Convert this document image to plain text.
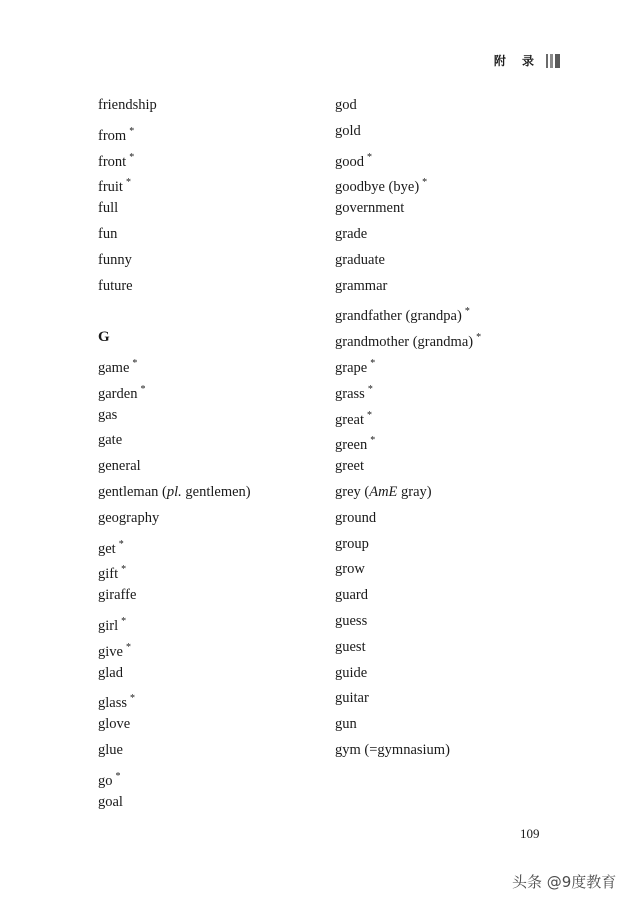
附 录
friendship
from *
front *
fruit *
full
fun
funny
future
G
game *
garden *
gas
gate
general
gentleman (pl. gentlemen)
geography
get *
gift *
giraffe
girl *
give *
glad
glass *
glove
glue
go *
goal
god
gold
good *
goodbye (bye) *
government
grade
graduate
grammar
grandfather (grandpa) *
grandmother (grandma) *
grape *
grass *
great *
green *
greet
grey (AmE gray)
ground
group
grow
guard
guess
guest
guide
guitar
gun
gym (=gymnasium)
109
头条 @9度教育
